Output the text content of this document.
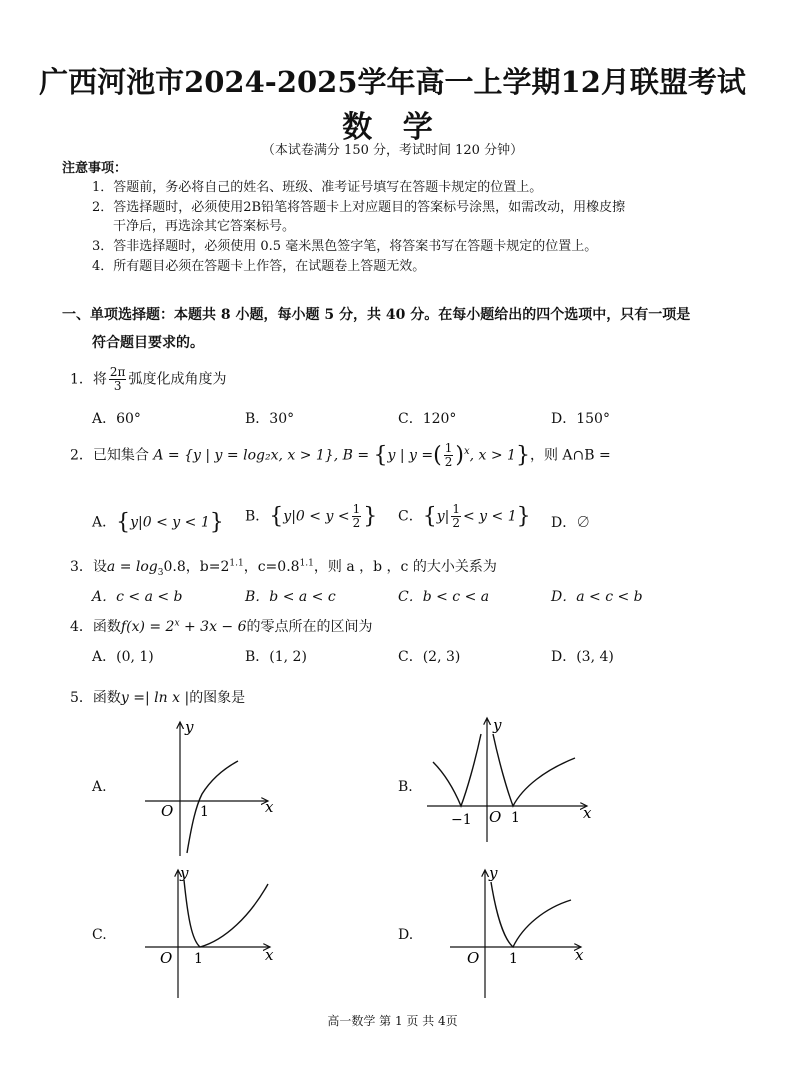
广西河池市2024-2025学年高一上学期12月联盟考试
数 学
（本试卷满分 150 分，考试时间 120 分钟）
注意事项：
1．答题前，务必将自己的姓名、班级、准考证号填写在答题卡规定的位置上。
2．答选择题时，必须使用2B铅笔将答题卡上对应题目的答案标号涂黑，如需改动，用橡皮擦
干净后，再选涂其它答案标号。
3．答非选择题时，必须使用 0.5 毫米黑色签字笔，将答案书写在答题卡规定的位置上。
4．所有题目必须在答题卡上作答，在试题卷上答题无效。
一、单项选择题：本题共 8 小题，每小题 5 分，共 40 分。在每小题给出的四个选项中，只有一项是
符合题目要求的。
1．将 $\frac{2\pi}{3}$ 弧度化成角度为
A．60°	B．30°	C．120°	D．150°
2．已知集合 A = {y | y = log₂x, x > 1}, B = {y | y =( $\frac{1}{2} )^x$, x > 1}，则 A∩B =
A．{y|0 < y < 1} B．{$y|0 < y < \frac{1}{2}$ } C．$\{y| \frac{1}{2} < y < 1\}$ D．∅
3．设$a = \log_30.8$，$b=2^{1.1}$，$c=0.8^{1.1}$，则 a ，b ，c 的大小关系为
A．c < a < b	B．b < a < c	C．b < c < a	D．a < c < b
4．函数$f(x) = 2^x + 3x - 6$的零点所在的区间为
A．(0, 1)	B．(1, 2)	C．(2, 3)	D．(3, 4)
5．函数y =| ln x |的图象是
A.	B.
C.	D.
y
x
O 1
y
x
−1 O 1
y
x
O 1
y
x
O 1
高一数学 第 1 页 共 4页
